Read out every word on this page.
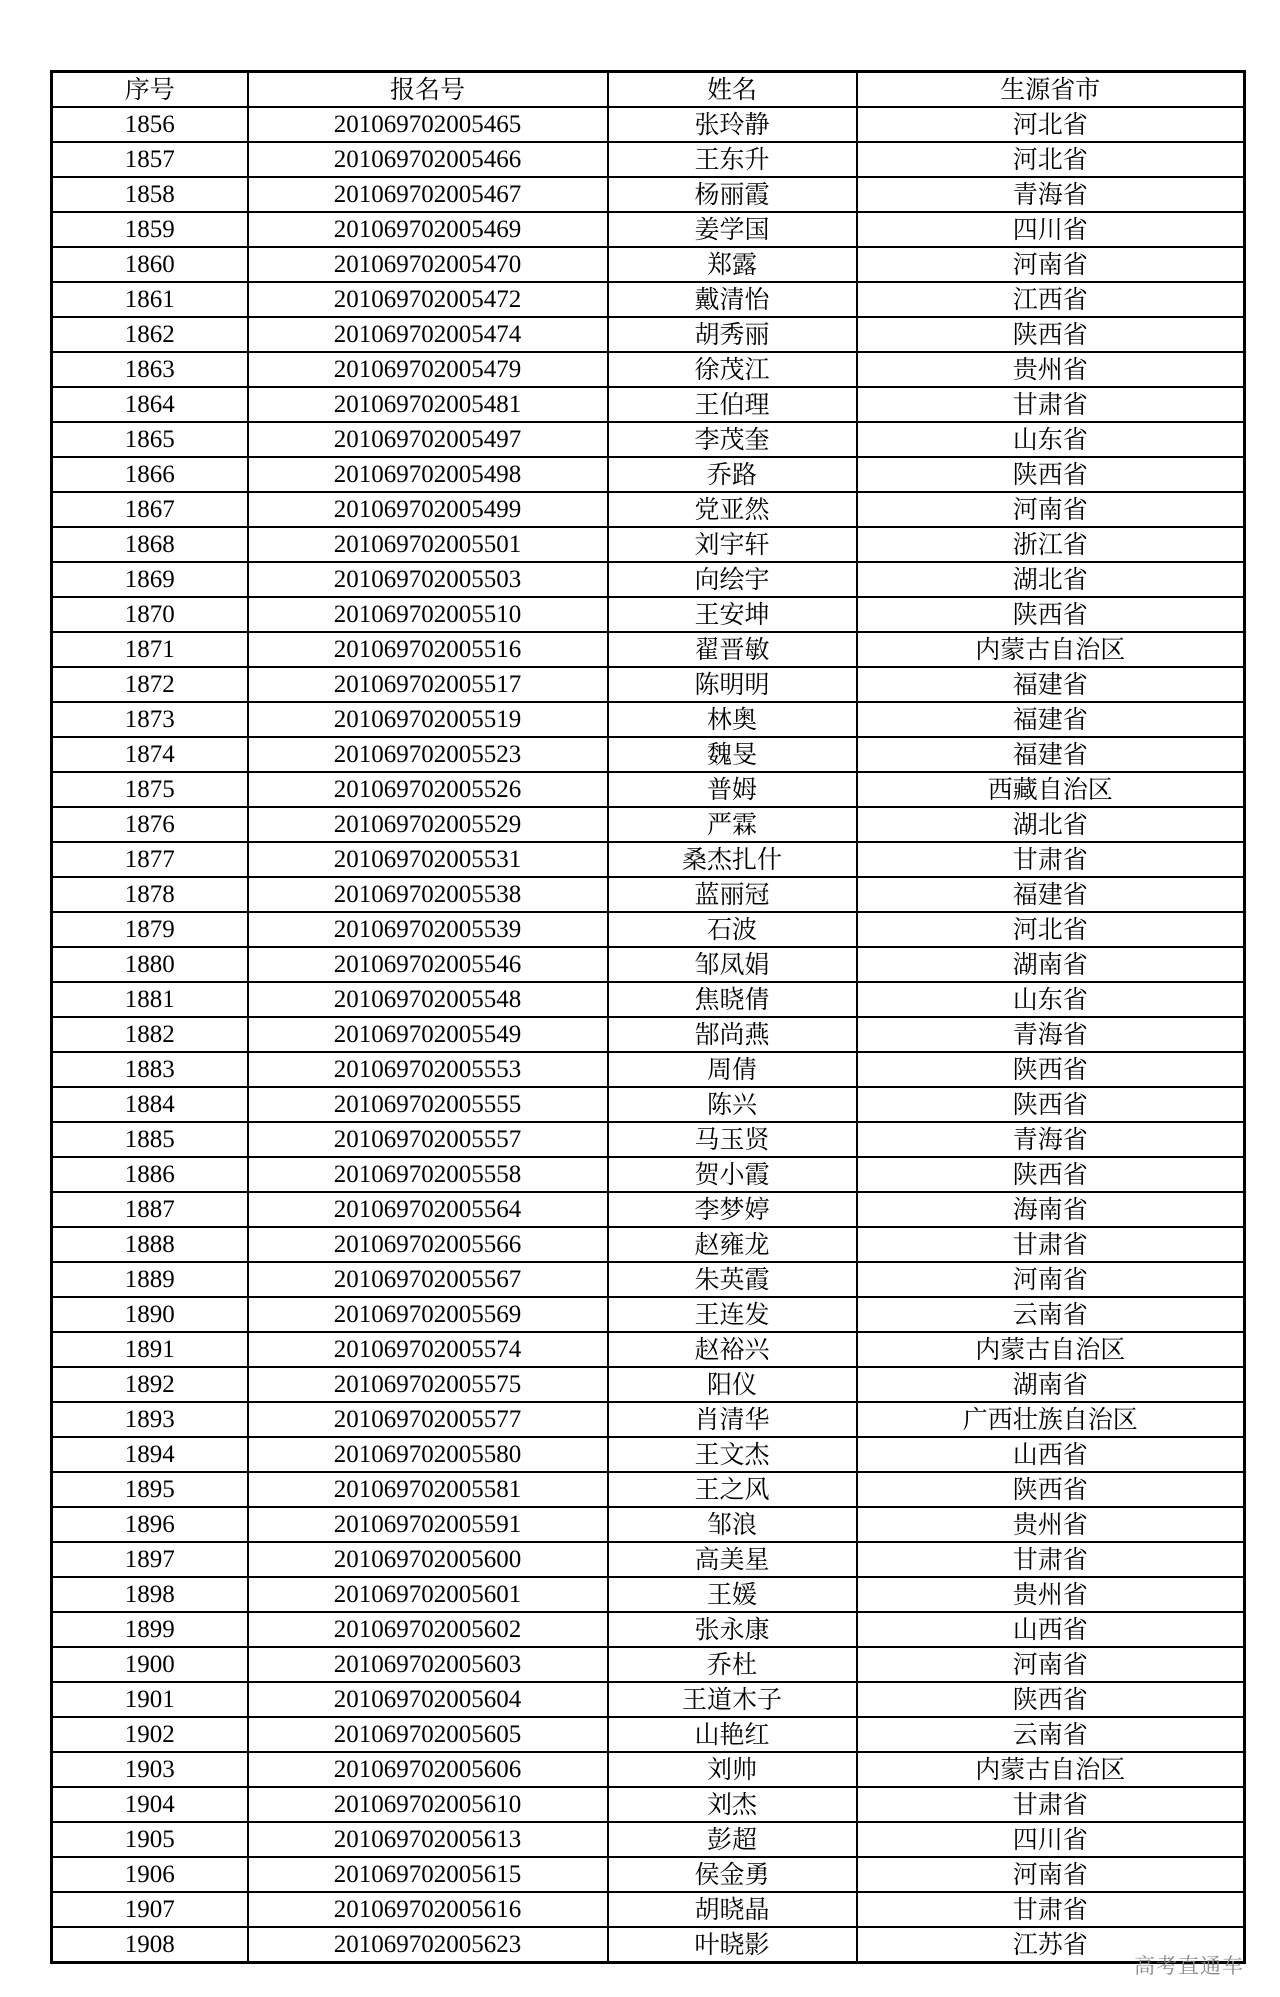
序号	报名号	姓名	生源省市
1856	201069702005465	张玲静	河北省
1857	201069702005466	王东升	河北省
1858	201069702005467	杨丽霞	青海省
1859	201069702005469	姜学国	四川省
1860	201069702005470	郑露	河南省
1861	201069702005472	戴清怡	江西省
1862	201069702005474	胡秀丽	陕西省
1863	201069702005479	徐茂江	贵州省
1864	201069702005481	王伯理	甘肃省
1865	201069702005497	李茂奎	山东省
1866	201069702005498	乔路	陕西省
1867	201069702005499	党亚然	河南省
1868	201069702005501	刘宇轩	浙江省
1869	201069702005503	向绘宇	湖北省
1870	201069702005510	王安坤	陕西省
1871	201069702005516	翟晋敏	内蒙古自治区
1872	201069702005517	陈明明	福建省
1873	201069702005519	林奥	福建省
1874	201069702005523	魏旻	福建省
1875	201069702005526	普姆	西藏自治区
1876	201069702005529	严霖	湖北省
1877	201069702005531	桑杰扎什	甘肃省
1878	201069702005538	蓝丽冠	福建省
1879	201069702005539	石波	河北省
1880	201069702005546	邹凤娟	湖南省
1881	201069702005548	焦晓倩	山东省
1882	201069702005549	郜尚燕	青海省
1883	201069702005553	周倩	陕西省
1884	201069702005555	陈兴	陕西省
1885	201069702005557	马玉贤	青海省
1886	201069702005558	贺小霞	陕西省
1887	201069702005564	李梦婷	海南省
1888	201069702005566	赵雍龙	甘肃省
1889	201069702005567	朱英霞	河南省
1890	201069702005569	王连发	云南省
1891	201069702005574	赵裕兴	内蒙古自治区
1892	201069702005575	阳仪	湖南省
1893	201069702005577	肖清华	广西壮族自治区
1894	201069702005580	王文杰	山西省
1895	201069702005581	王之风	陕西省
1896	201069702005591	邹浪	贵州省
1897	201069702005600	高美星	甘肃省
1898	201069702005601	王媛	贵州省
1899	201069702005602	张永康	山西省
1900	201069702005603	乔杜	河南省
1901	201069702005604	王道木子	陕西省
1902	201069702005605	山艳红	云南省
1903	201069702005606	刘帅	内蒙古自治区
1904	201069702005610	刘杰	甘肃省
1905	201069702005613	彭超	四川省
1906	201069702005615	侯金勇	河南省
1907	201069702005616	胡晓晶	甘肃省
1908	201069702005623	叶晓影	江苏省
高考直通车
